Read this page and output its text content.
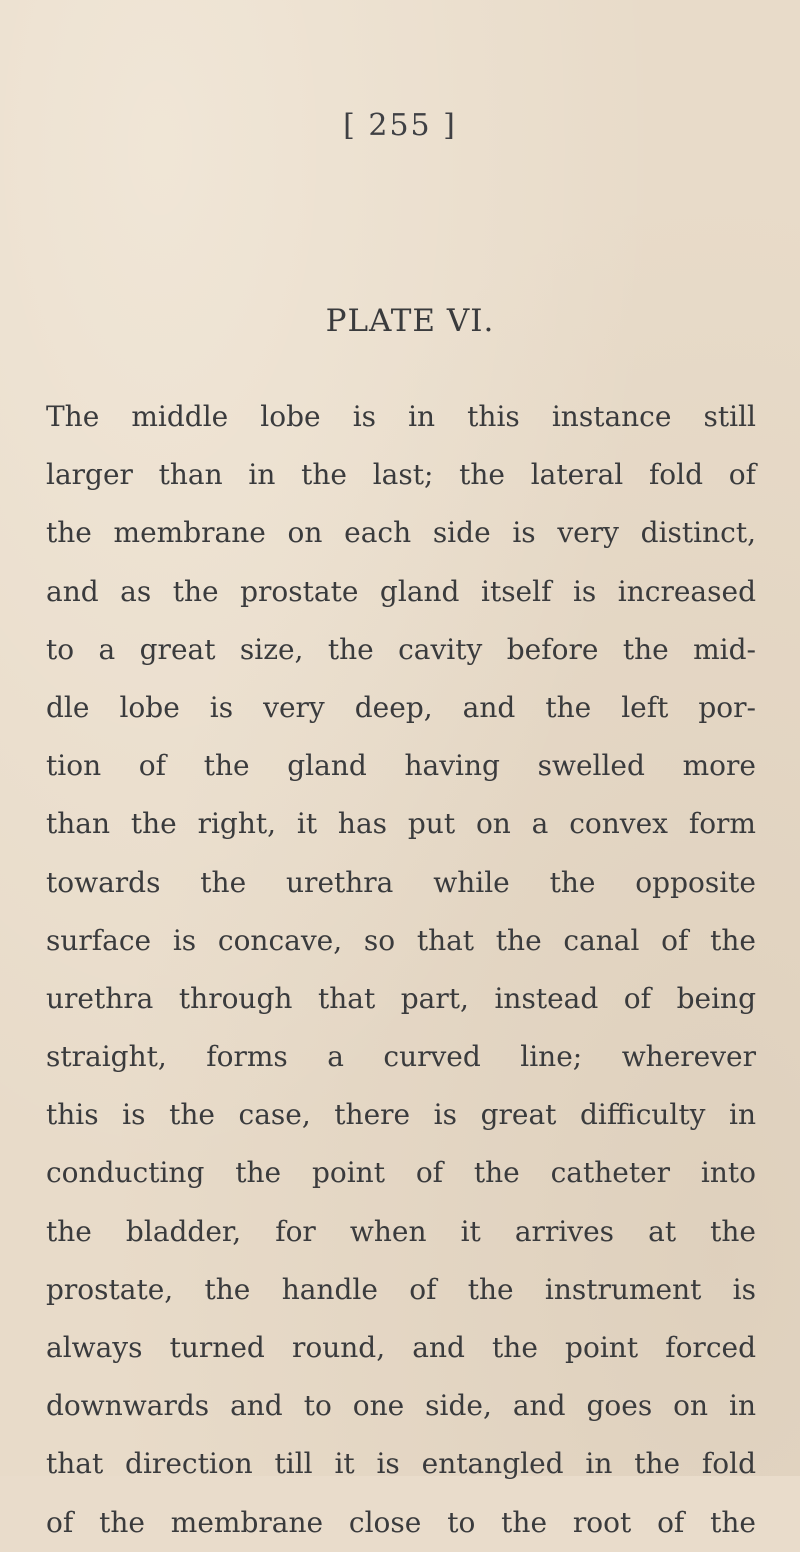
[ 255 ]
PLATE VI.
The middle lobe is in this instance still
larger than in the last; the lateral fold of
the membrane on each side is very distinct,
and as the prostate gland itself is increased
to a great size, the cavity before the mid-
dle lobe is very deep, and the left por-
tion of the gland having swelled more
than the right, it has put on a convex form
towards the urethra while the opposite
surface is concave, so that the canal of the
urethra through that part, instead of being
straight, forms a curved line; wherever
this is the case, there is great difficulty in
conducting the point of the catheter into
the bladder, for when it arrives at the
prostate, the handle of the instrument is
always turned round, and the point forced
downwards and to one side, and goes on in
that direction till it is entangled in the fold
of the membrane close to the root of the
